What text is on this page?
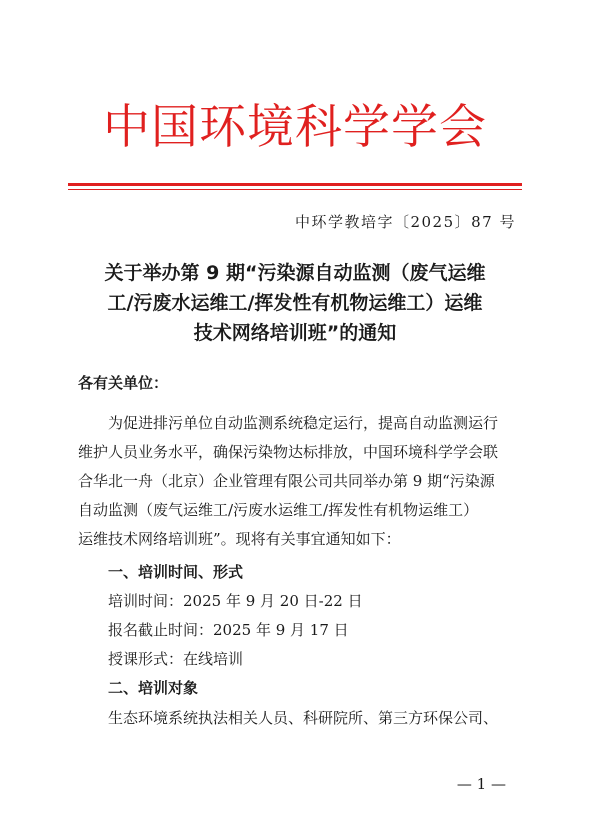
中国环境科学学会
中环学教培字〔2025〕87 号
关于举办第 9 期“污染源自动监测（废气运维
工/污废水运维工/挥发性有机物运维工）运维
技术网络培训班”的通知
各有关单位：
为促进排污单位自动监测系统稳定运行，提高自动监测运行
维护人员业务水平，确保污染物达标排放，中国环境科学学会联
合华北一舟（北京）企业管理有限公司共同举办第 9 期“污染源
自动监测（废气运维工/污废水运维工/挥发性有机物运维工）
运维技术网络培训班”。现将有关事宜通知如下：
一、培训时间、形式
培训时间：2025 年 9 月 20 日-22 日
报名截止时间：2025 年 9 月 17 日
授课形式：在线培训
二、培训对象
生态环境系统执法相关人员、科研院所、第三方环保公司、
— 1 —
